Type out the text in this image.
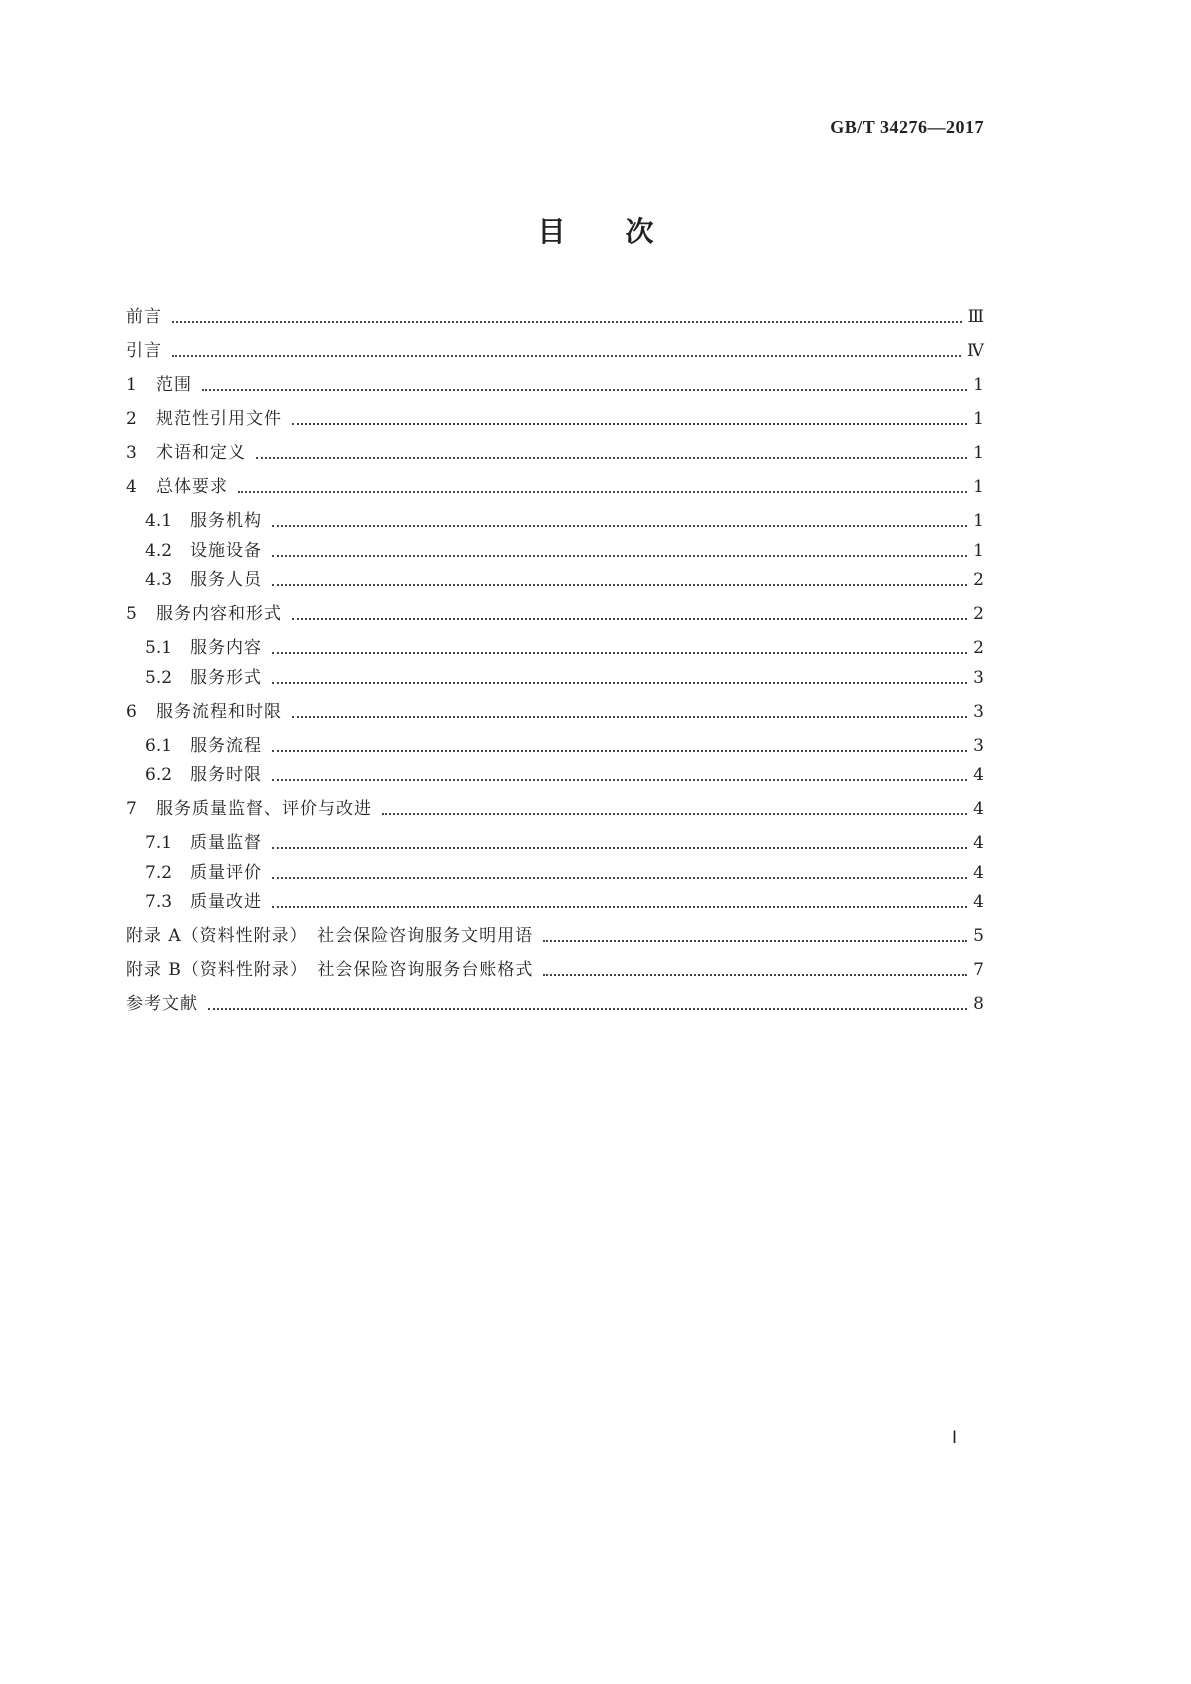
GB/T 34276—2017
目次
前言	Ⅲ
引言	Ⅳ
1	范围	1
2	规范性引用文件	1
3	术语和定义	1
4	总体要求	1
4.1	服务机构	1
4.2	设施设备	1
4.3	服务人员	2
5	服务内容和形式	2
5.1	服务内容	2
5.2	服务形式	3
6	服务流程和时限	3
6.1	服务流程	3
6.2	服务时限	4
7	服务质量监督、评价与改进	4
7.1	质量监督	4
7.2	质量评价	4
7.3	质量改进	4
附录 A（资料性附录）　社会保险咨询服务文明用语	5
附录 B（资料性附录）　社会保险咨询服务台账格式	7
参考文献	8
Ⅰ
